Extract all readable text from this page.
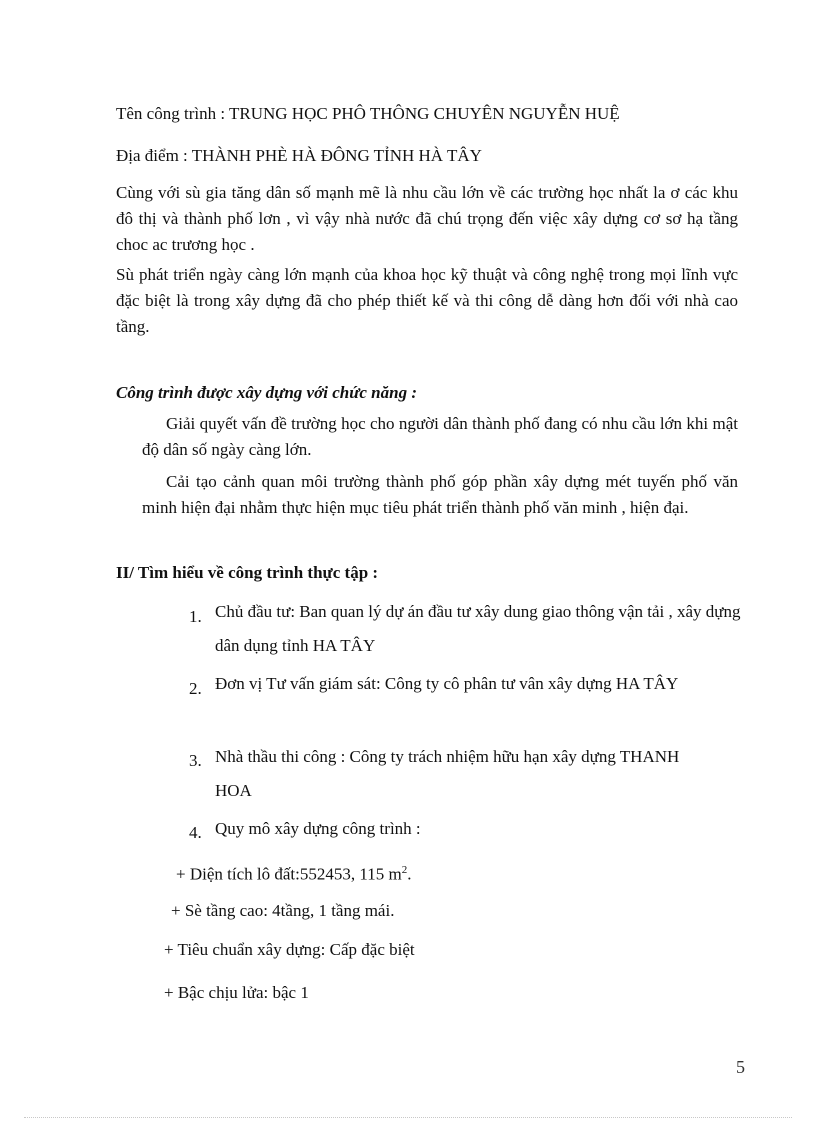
Tên công trình : TRUNG HỌC PHÔ THÔNG CHUYÊN NGUYỄN HUỆ
Địa điểm : THÀNH PHÈ HÀ ĐÔNG TỈNH HÀ TÂY

Cùng với sù gia tăng dân số mạnh mẽ là nhu cầu lớn về các trường học nhất la ơ các khu đô thị và thành phố lơn , vì vậy nhà nước đã chú trọng đến việc xây dựng cơ sơ hạ tầng choc ac trương học .

Sù phát triển ngày càng lớn mạnh của khoa học kỹ thuật và công nghệ trong mọi lĩnh vực đặc biệt là trong xây dựng đã cho phép thiết kế và thi công dễ dàng hơn đối với nhà cao tầng.

Công trình được xây dựng với chức năng :

Giải quyết vấn đề trường học cho người dân thành phố đang có nhu cầu lớn khi mật độ dân số ngày càng lớn.

Cải tạo cảnh quan môi trường thành phố góp phần xây dựng mét tuyến phố văn minh hiện đại nhằm thực hiện mục tiêu phát triển thành phố văn minh , hiện đại.

II/ Tìm hiểu về công trình thực tập :
1. Chủ đầu tư: Ban quan lý dự án đầu tư xây dung giao thông vận tải , xây dựng dân dụng tỉnh HA TÂY
2. Đơn vị Tư vấn giám sát: Công ty cô phân tư vân xây dựng HA TÂY
3. Nhà thầu thi công : Công ty trách nhiệm hữu hạn xây dựng THANH HOA
4. Quy mô xây dựng công trình :
+ Diện tích lô đất:552453, 115 $m^2$.
+ Sè tầng cao: 4tầng, 1 tầng mái.
+ Tiêu chuẩn xây dựng: Cấp đặc biệt
+ Bậc chịu lửa: bậc 1
5
